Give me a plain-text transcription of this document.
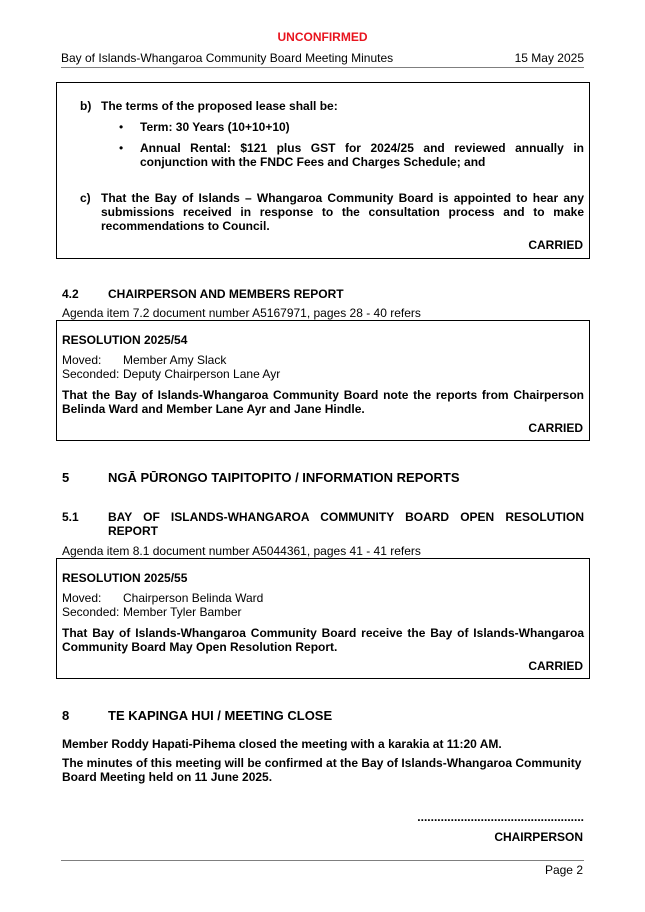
UNCONFIRMED
Bay of Islands-Whangaroa Community Board Meeting Minutes	15 May 2025
b) The terms of the proposed lease shall be:
• Term: 30 Years (10+10+10)
• Annual Rental: $121 plus GST for 2024/25 and reviewed annually in conjunction with the FNDC Fees and Charges Schedule; and
c) That the Bay of Islands – Whangaroa Community Board is appointed to hear any submissions received in response to the consultation process and to make recommendations to Council.
CARRIED
4.2 CHAIRPERSON AND MEMBERS REPORT
Agenda item 7.2 document number A5167971, pages 28 - 40 refers
RESOLUTION 2025/54
Moved: Member Amy Slack
Seconded: Deputy Chairperson Lane Ayr
That the Bay of Islands-Whangaroa Community Board note the reports from Chairperson Belinda Ward and Member Lane Ayr and Jane Hindle.
CARRIED
5	NGĀ PŪRONGO TAIPITOPITO / INFORMATION REPORTS
5.1 BAY OF ISLANDS-WHANGAROA COMMUNITY BOARD OPEN RESOLUTION REPORT
Agenda item 8.1 document number A5044361, pages 41 - 41 refers
RESOLUTION 2025/55
Moved: Chairperson Belinda Ward
Seconded: Member Tyler Bamber
That Bay of Islands-Whangaroa Community Board receive the Bay of Islands-Whangaroa Community Board May Open Resolution Report.
CARRIED
8	TE KAPINGA HUI / MEETING CLOSE
Member Roddy Hapati-Pihema closed the meeting with a karakia at 11:20 AM.
The minutes of this meeting will be confirmed at the Bay of Islands-Whangaroa Community Board Meeting held on 11 June 2025.
..................................................
CHAIRPERSON
Page 2
